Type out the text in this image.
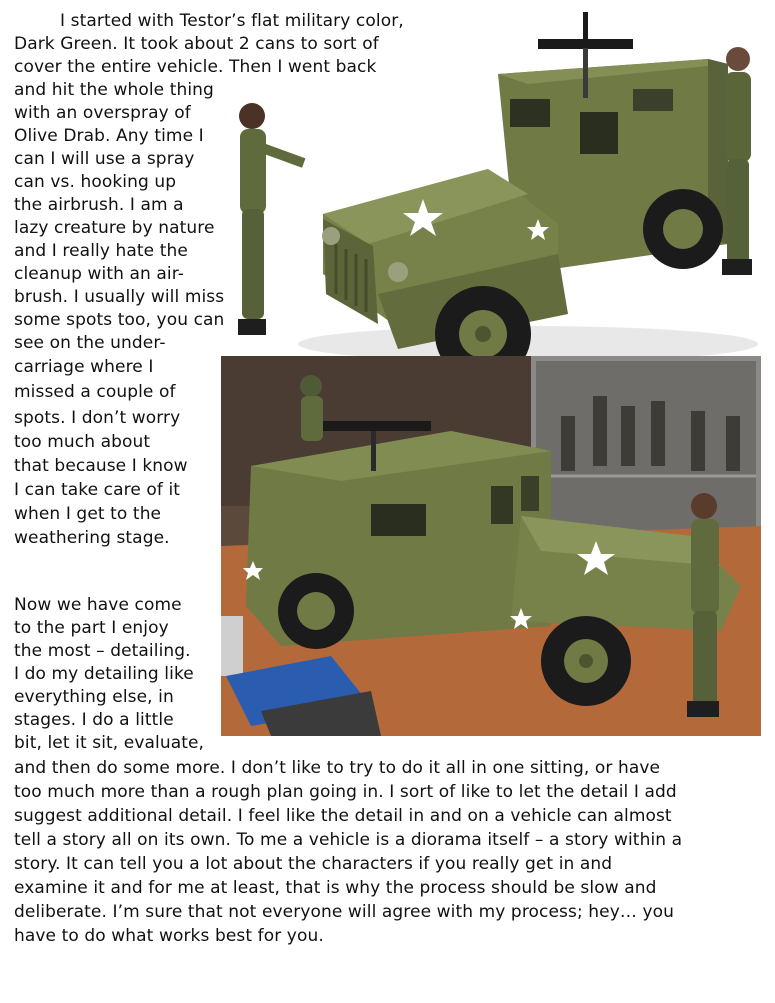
I started with Testor’s flat military color,
Dark Green. It took about 2 cans to sort of
cover the entire vehicle. Then I went back
and hit the whole thing
with an overspray of
Olive Drab. Any time I
can I will use a spray
can vs. hooking up
the airbrush. I am a
lazy creature by nature
and I really hate the
cleanup with an air-
brush. I usually will miss
some spots too, you can
see on the under-
carriage where I
missed a couple of
spots. I don’t worry
too much about
that because I know
I can take care of it
when I get to the
weathering stage.
Now we have come
to the part I enjoy
the most – detailing.
I do my detailing like
everything else, in
stages. I do a little
bit, let it sit, evaluate,
and then do some more. I don’t like to try to do it all in one sitting, or have
too much more than a rough plan going in. I sort of like to let the detail I add
suggest additional detail. I feel like the detail in and on a vehicle can almost
tell a story all on its own. To me a vehicle is a diorama itself – a story within a
story. It can tell you a lot about the characters if you really get in and
examine it and for me at least, that is why the process should be slow and
deliberate. I’m sure that not everyone will agree with my process; hey… you
have to do what works best for you.
